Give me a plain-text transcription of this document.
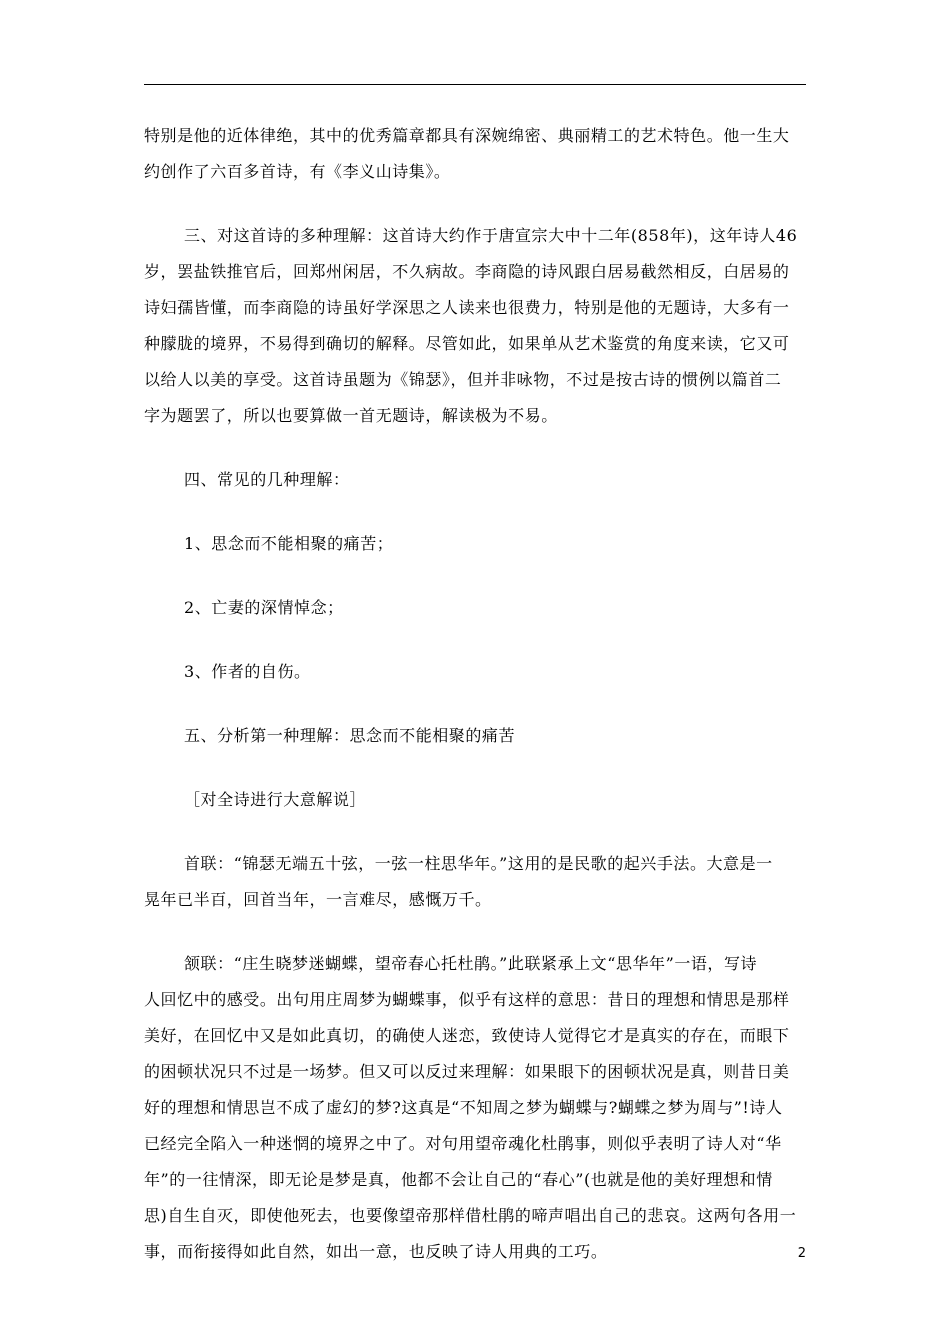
特别是他的近体律绝，其中的优秀篇章都具有深婉绵密、典丽精工的艺术特色。他一生大
约创作了六百多首诗，有《李义山诗集》。

三、对这首诗的多种理解：这首诗大约作于唐宣宗大中十二年(858年)，这年诗人46
岁，罢盐铁推官后，回郑州闲居，不久病故。李商隐的诗风跟白居易截然相反，白居易的
诗妇孺皆懂，而李商隐的诗虽好学深思之人读来也很费力，特别是他的无题诗，大多有一
种朦胧的境界，不易得到确切的解释。尽管如此，如果单从艺术鉴赏的角度来读，它又可
以给人以美的享受。这首诗虽题为《锦瑟》，但并非咏物，不过是按古诗的惯例以篇首二
字为题罢了，所以也要算做一首无题诗，解读极为不易。

四、常见的几种理解：

1、思念而不能相聚的痛苦；

2、亡妻的深情悼念；

3、作者的自伤。

五、分析第一种理解：思念而不能相聚的痛苦

［对全诗进行大意解说］

首联：“锦瑟无端五十弦，一弦一柱思华年。”这用的是民歌的起兴手法。大意是一
晃年已半百，回首当年，一言难尽，感慨万千。

颔联：“庄生晓梦迷蝴蝶，望帝春心托杜鹃。”此联紧承上文“思华年”一语，写诗
人回忆中的感受。出句用庄周梦为蝴蝶事，似乎有这样的意思：昔日的理想和情思是那样
美好，在回忆中又是如此真切，的确使人迷恋，致使诗人觉得它才是真实的存在，而眼下
的困顿状况只不过是一场梦。但又可以反过来理解：如果眼下的困顿状况是真，则昔日美
好的理想和情思岂不成了虚幻的梦?这真是“不知周之梦为蝴蝶与?蝴蝶之梦为周与”!诗人
已经完全陷入一种迷惘的境界之中了。对句用望帝魂化杜鹃事，则似乎表明了诗人对“华
年”的一往情深，即无论是梦是真，他都不会让自己的“春心”(也就是他的美好理想和情
思)自生自灭，即使他死去，也要像望帝那样借杜鹃的啼声唱出自己的悲哀。这两句各用一
事，而衔接得如此自然，如出一意，也反映了诗人用典的工巧。	2
